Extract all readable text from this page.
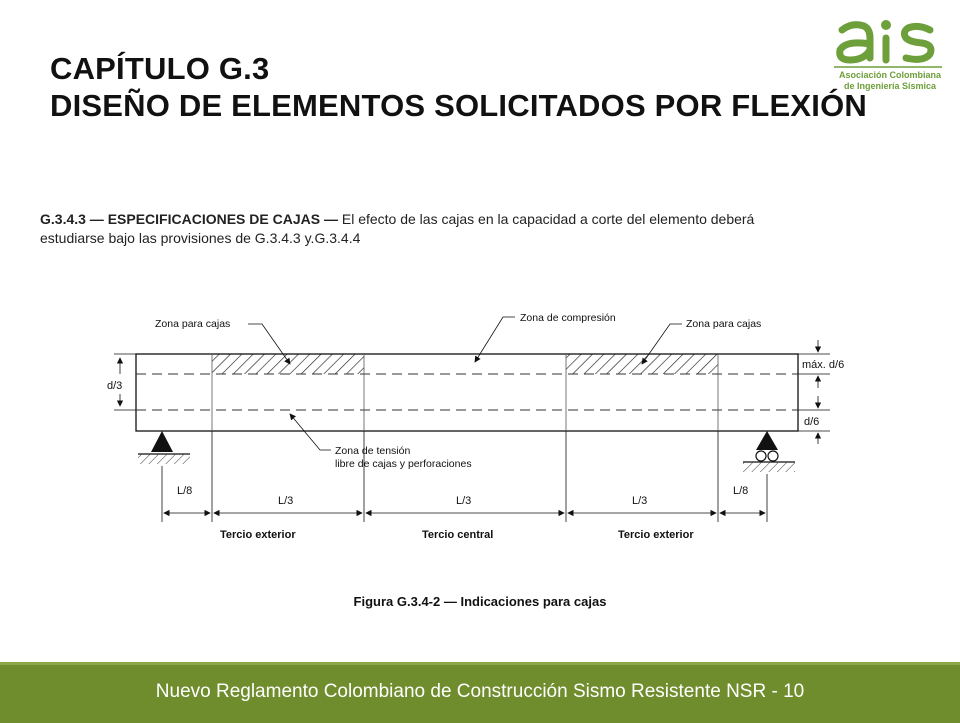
CAPÍTULO G.3
DISEÑO DE ELEMENTOS SOLICITADOS POR FLEXIÓN
Asociación Colombiana
de Ingeniería Sísmica
G.3.4.3 — ESPECIFICACIONES DE CAJAS — El efecto de las cajas en la capacidad a corte del elemento deberá
estudiarse bajo las provisiones de G.3.4.3 y.G.3.4.4
d/3
máx. d/6
d/6
Zona para cajas	Zona de compresión	Zona para cajas
Zona de tensión
libre de cajas y perforaciones
L/8
L/3	L/3	L/3
L/8
Tercio exterior	Tercio central	Tercio exterior
Figura G.3.4-2 — Indicaciones para cajas
Nuevo Reglamento Colombiano de Construcción Sismo Resistente NSR - 10
